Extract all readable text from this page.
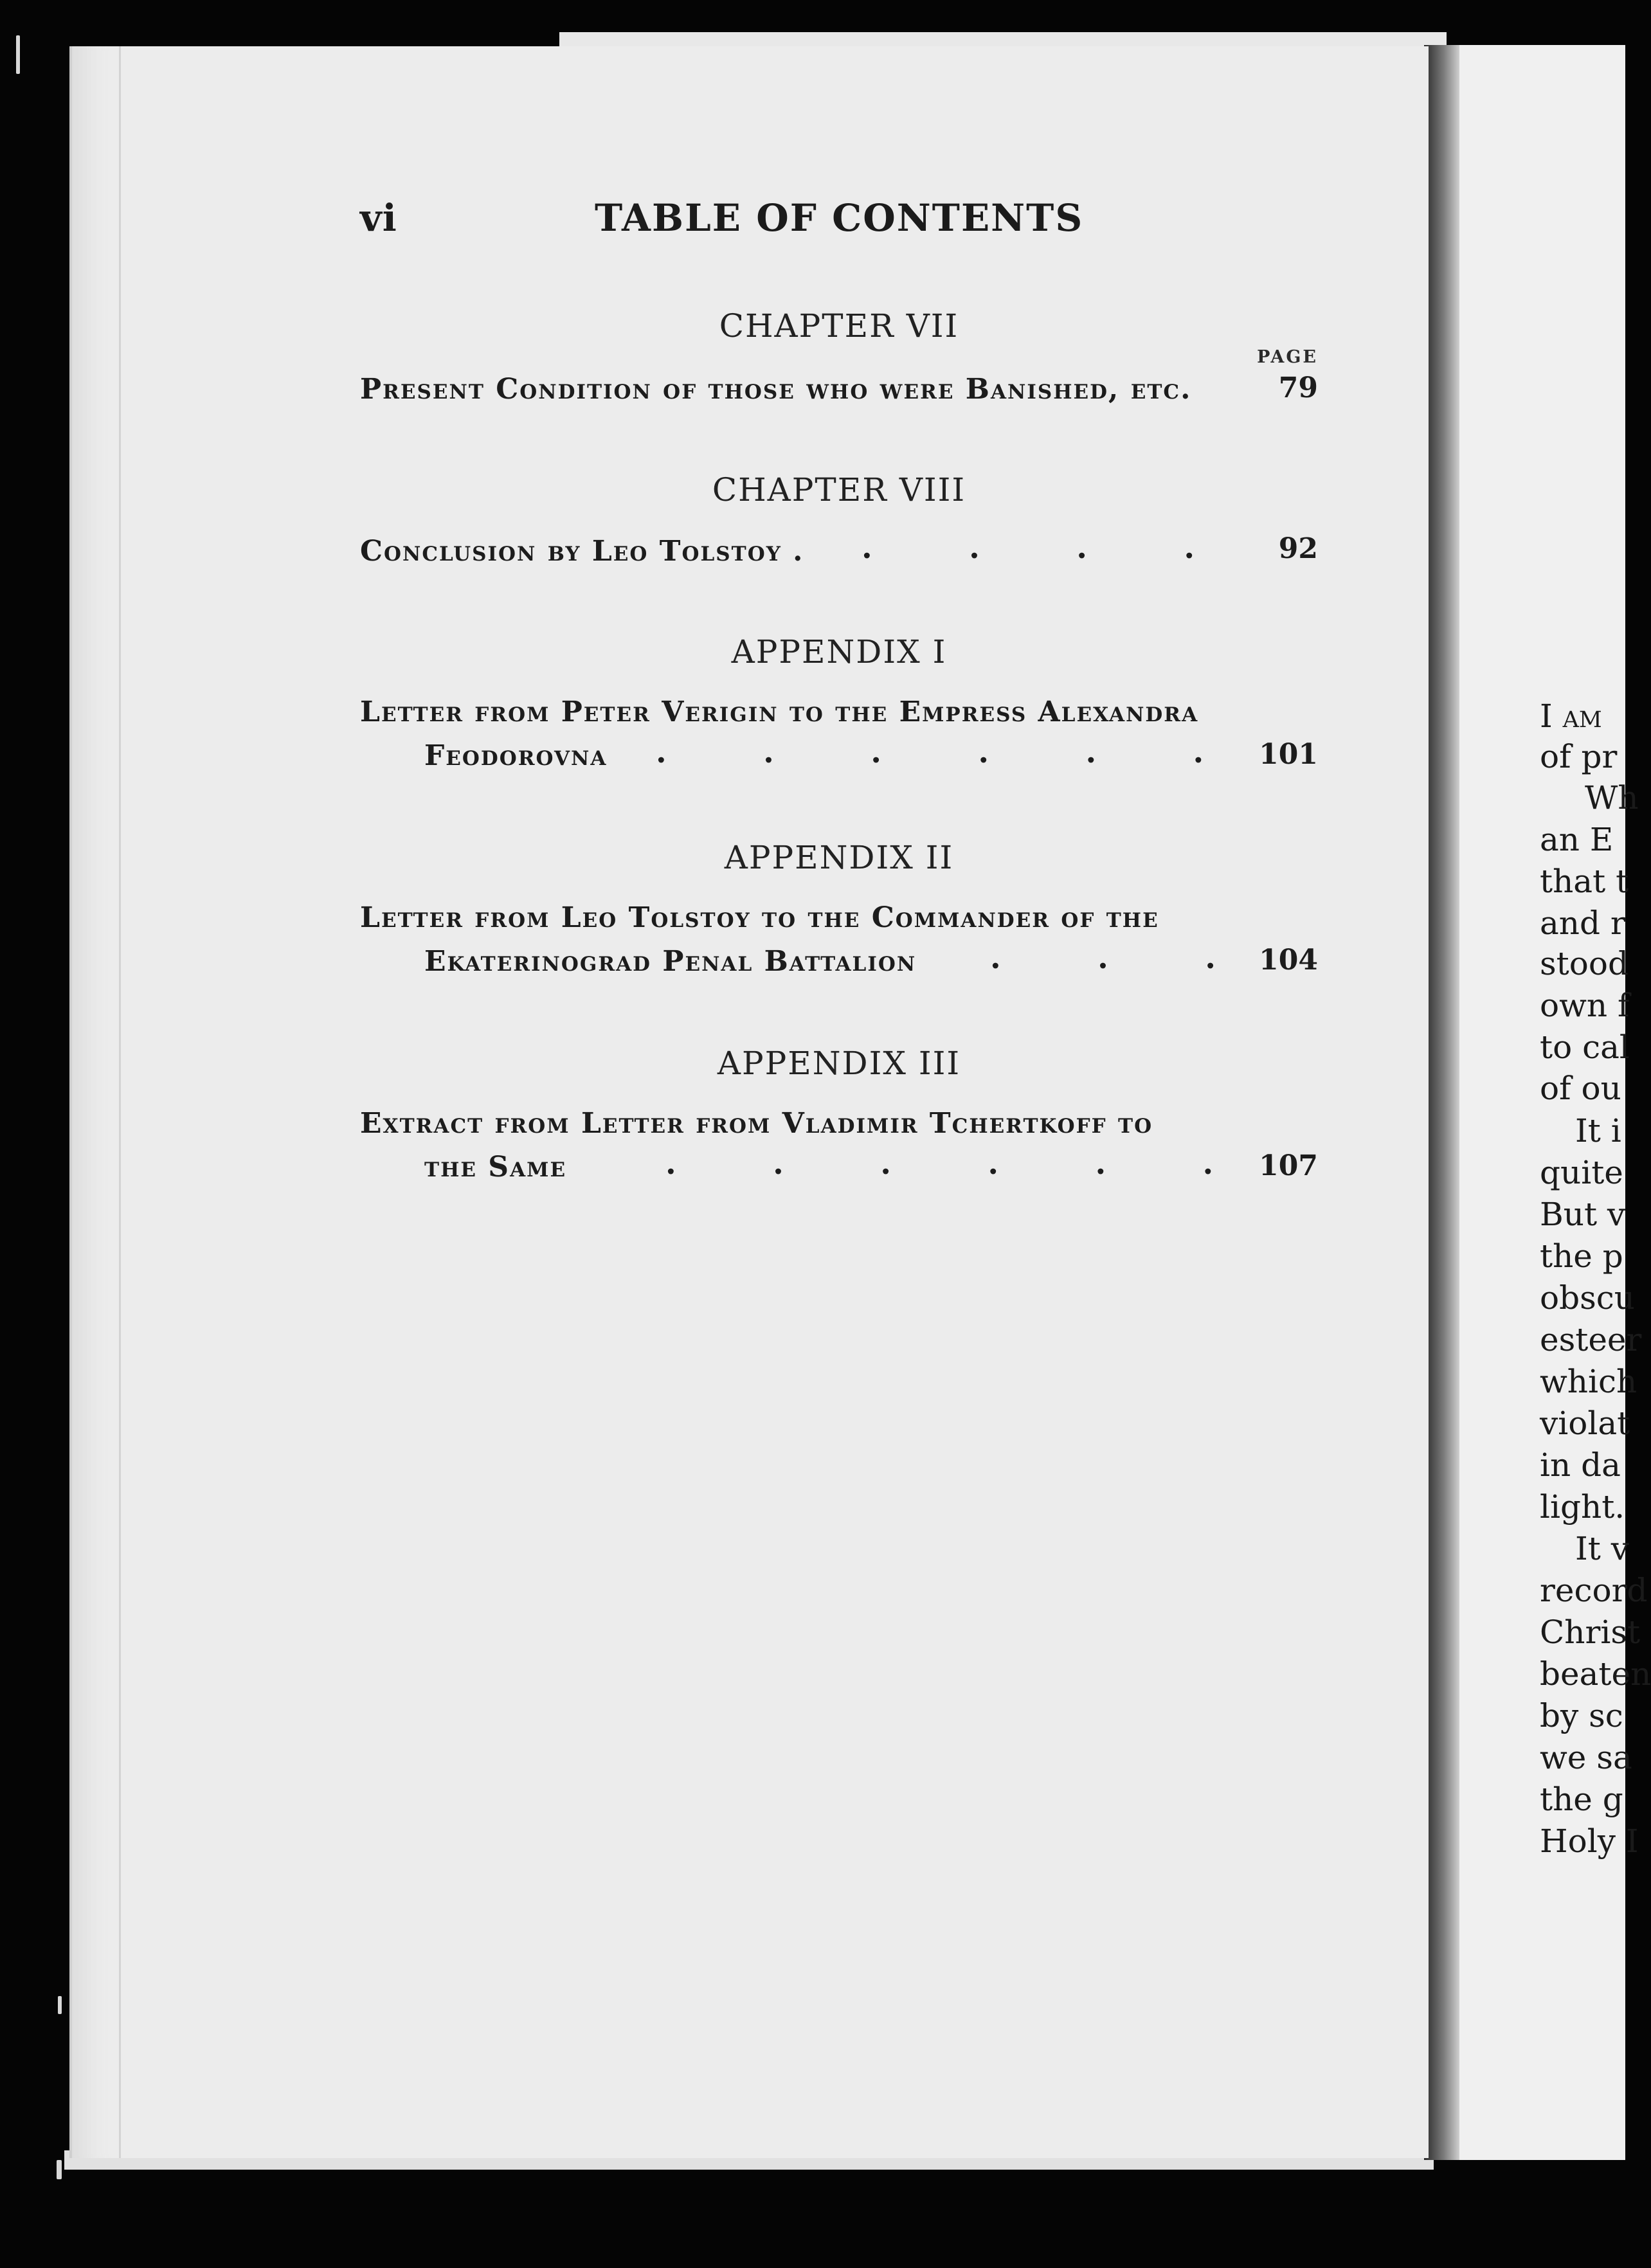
I am
of pr
Wh
an E
that t
and r
stood
own f
to cal
of ou
It i
quite
But v
the p
obscu
esteer
which
violat
in da
light.
It v
record
Christ
beaten
by sc
we sa
the g
Holy I
vi	TABLE OF CONTENTS
PAGE
CHAPTER VII
Present Condition of those who were Banished, etc.	79
CHAPTER VIII
Conclusion by Leo Tolstoy . .         .         .         .	92
APPENDIX I
Letter from Peter Verigin to the Empress Alexandra
Feodorovna .         .         .         .         .         .	101
APPENDIX II
Letter from Leo Tolstoy to the Commander of the
Ekaterinograd Penal Battalion .         .         .	104
APPENDIX III
Extract from Letter from Vladimir Tchertkoff to
the Same	.         .         .         .         .         .	107
